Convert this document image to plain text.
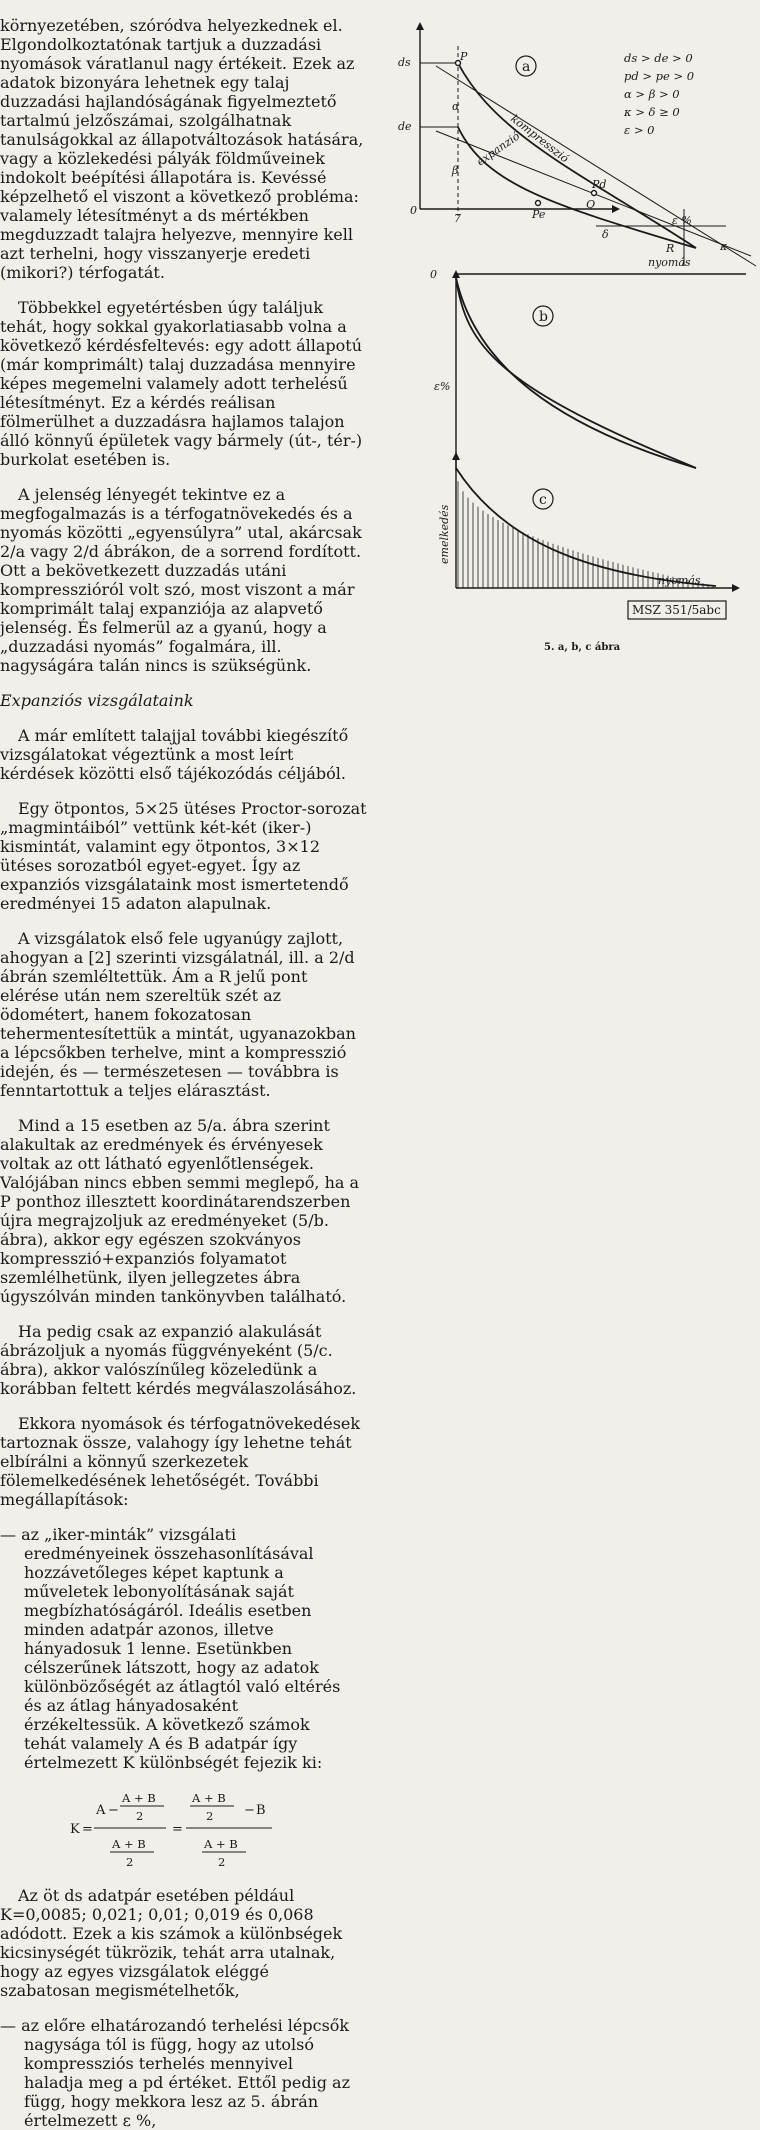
környezetében, szóródva helyezkednek el. Elgondolkoztatónak tartjuk a duzzadási nyomások váratlanul nagy értékeit. Ezek az adatok bizonyára lehetnek egy talaj duzzadási hajlandóságának figyelmeztető tartalmú jelzőszámai, szolgálhatnak tanulságokkal az állapotváltozások hatására, vagy a közlekedési pályák földműveinek indokolt beépítési állapotára is. Kevéssé képzelhető el viszont a következő probléma: valamely létesítményt a ds mértékben megduzzadt talajra helyezve, mennyire kell azt terhelni, hogy visszanyerje eredeti (mikori?) térfogatát.

Többekkel egyetértésben úgy találjuk tehát, hogy sokkal gyakorlatiasabb volna a következő kérdésfeltevés: egy adott állapotú (már komprimált) talaj duzzadása mennyire képes megemelni valamely adott terhelésű létesítményt. Ez a kérdés reálisan fölmerülhet a duzzadásra hajlamos talajon álló könnyű épületek vagy bármely (út-, tér-) burkolat esetében is.

A jelenség lényegét tekintve ez a megfogalmazás is a térfogatnövekedés és a nyomás közötti „egyensúlyra” utal, akárcsak 2/a vagy 2/d ábrákon, de a sorrend fordított. Ott a bekövetkezett duzzadás utáni kompresszióról volt szó, most viszont a már komprimált talaj expanziója az alapvető jelenség. És felmerül az a gyanú, hogy a „duzzadási nyomás” fogalmára, ill. nagyságára talán nincs is szükségünk.

Expanziós vizsgálataink

A már említett talajjal további kiegészítő vizsgálatokat végeztünk a most leírt kérdések közötti első tájékozódás céljából.

Egy ötpontos, 5×25 ütéses Proctor-sorozat „magmintáiból” vettünk két-két (iker-) kismintát, valamint egy ötpontos, 3×12 ütéses sorozatból egyet-egyet. Így az expanziós vizsgálataink most ismertetendő eredményei 15 adaton alapulnak.

A vizsgálatok első fele ugyanúgy zajlott, ahogyan a [2] szerinti vizsgálatnál, ill. a 2/d ábrán szemléltettük. Ám a R jelű pont elérése után nem szereltük szét az ödométert, hanem fokozatosan tehermentesítettük a mintát, ugyanazokban a lépcsőkben terhelve, mint a kompresszió idején, és — természetesen — továbbra is fenntartottuk a teljes elárasztást.

Mind a 15 esetben az 5/a. ábra szerint alakultak az eredmények és érvényesek voltak az ott látható egyenlőtlenségek. Valójában nincs ebben semmi meglepő, ha a P ponthoz illesztett koordinátarendszerben újra megrajzoljuk az eredményeket (5/b. ábra), akkor egy egészen szokványos kompresszió+expanziós folyamatot szemlélhetünk, ilyen jellegzetes ábra úgyszólván minden tankönyvben található.

Ha pedig csak az expanzió alakulását ábrázoljuk a nyomás függvényeként (5/c. ábra), akkor valószínűleg közeledünk a korábban feltett kérdés megválaszolásához.

Ekkora nyomások és térfogatnövekedések tartoznak össze, valahogy így lehetne tehát elbírálni a könnyű szerkezetek fölemelkedésének lehetőségét. További megállapítások:

a
b
c
ds > de > 0
pd > pe > 0
α > β > 0
κ > δ ≥ 0
ε > 0
ds
de
0
7
P
Pe
Pd
Q
R
α
β
δ
κ
ε %
ε%
0
nyomás
nyomás
kompresszió
expanzió
emelkedés
MSZ 351/5abc
5. a, b, c ábra

— az „iker-minták” vizsgálati eredményeinek összehasonlításával hozzávetőleges képet kaptunk a műveletek lebonyolításának saját megbízhatóságáról. Ideális esetben minden adatpár azonos, illetve hányadosuk 1 lenne. Esetünkben célszerűnek látszott, hogy az adatok különbözőségét az átlagtól való eltérés és az átlag hányadosaként érzékeltessük. A következő számok tehát valamely A és B adatpár így értelmezett K különbségét fejezik ki:

K =
A −
A + B
2
A + B
2
=
A + B
2 − B
A + B
2

Az öt ds adatpár esetében például K=0,0085; 0,021; 0,01; 0,019 és 0,068 adódott. Ezek a kis számok a különbségek kicsinységét tükrözik, tehát arra utalnak, hogy az egyes vizsgálatok eléggé szabatosan megismételhetők,

— az előre elhatározandó terhelési lépcsők nagysága tól is függ, hogy az utolsó kompressziós terhelés mennyivel haladja meg a pd értéket. Ettől pedig az függ, hogy mekkora lesz az 5. ábrán értelmezett ε %,
